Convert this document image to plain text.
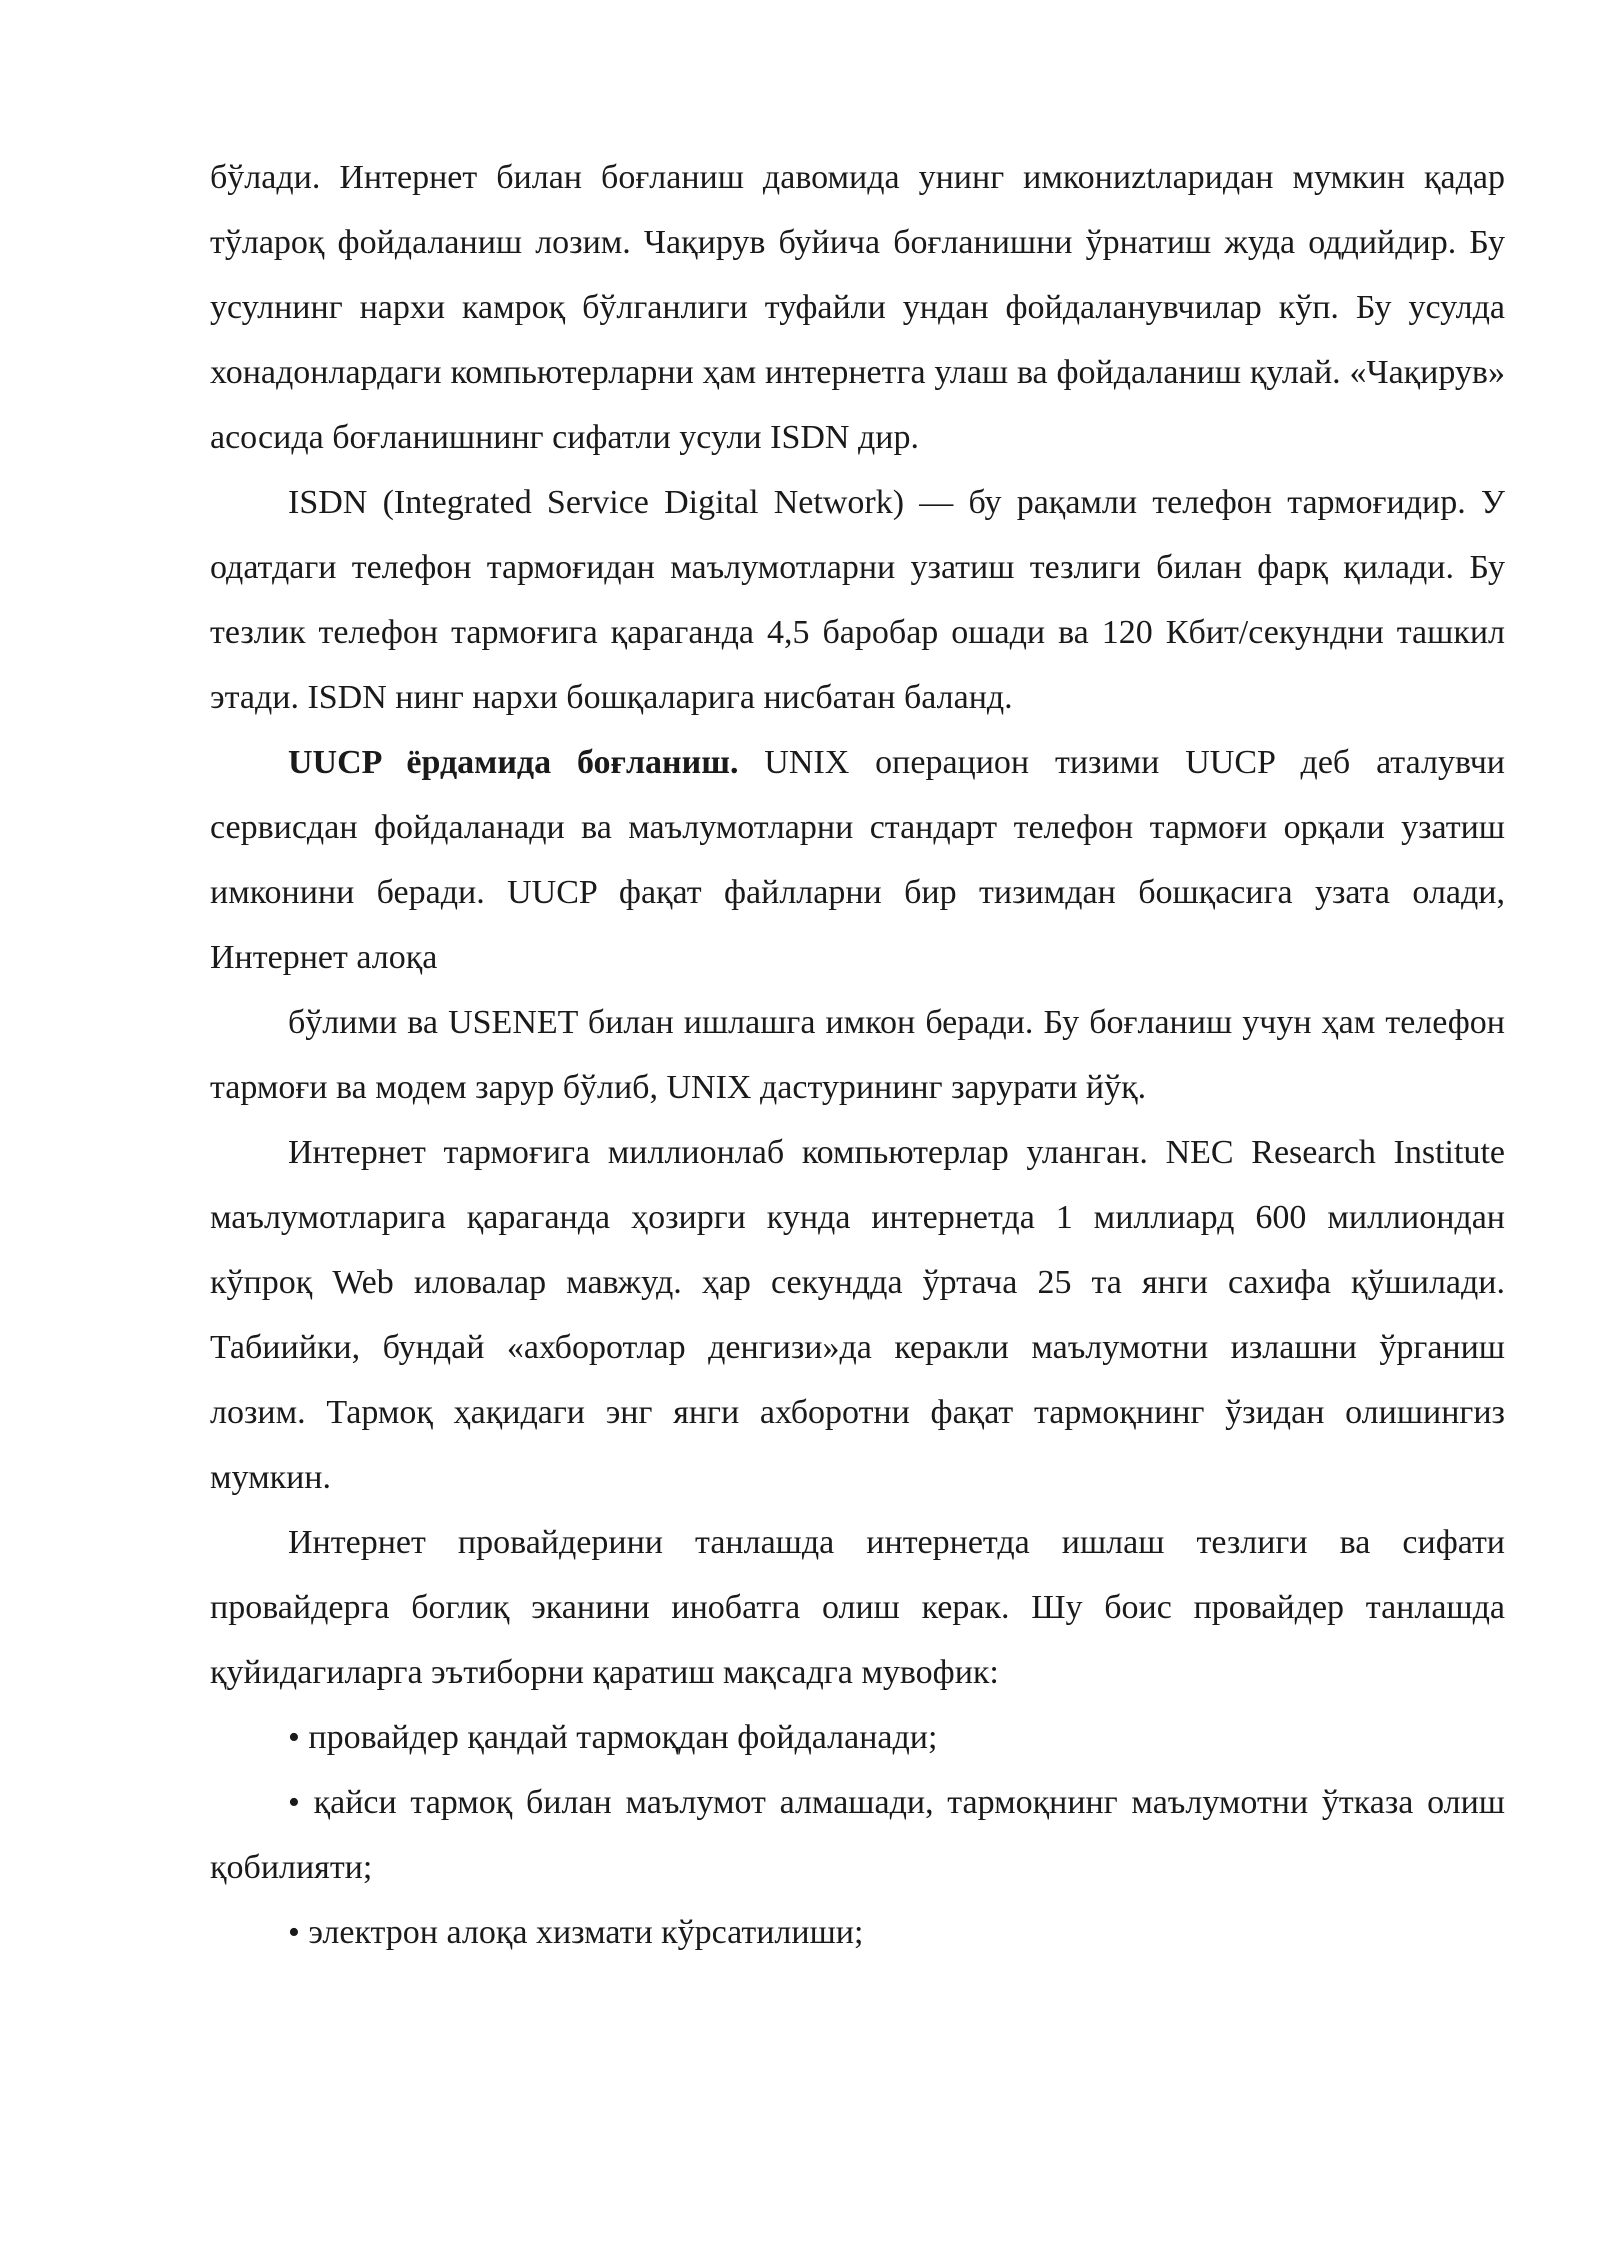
бўлади. Интернет билан боғланиш давомида унинг имкониztларидан мумкин қадар тўлароқ фойдаланиш лозим. Чақирув буйича боғланишни ўрнатиш жуда оддийдир. Бу усулнинг нархи камроқ бўлганлиги туфайли ундан фойдаланувчилар кўп. Бу усулда хонадонлардаги компьютерларни ҳам интернетга улаш ва фойдаланиш қулай. «Чақирув» асосида боғланишнинг сифатли усули ISDN дир.

ISDN (Integrated Service Digital Network) — бу рақамли телефон тармоғидир. У одатдаги телефон тармоғидан маълумотларни узатиш тезлиги билан фарқ қилади. Бу тезлик телефон тармоғига қараганда 4,5 баробар ошади ва 120 Кбит/секундни ташкил этади. ISDN нинг нархи бошқаларига нисбатан баланд.

UUCP ёрдамида боғланиш. UNIX операцион тизими UUCP деб аталувчи сервисдан фойдаланади ва маълумотларни стандарт телефон тармоғи орқали узатиш имконини беради. UUCP фақат файлларни бир тизимдан бошқасига узата олади, Интернет алоқа

бўлими ва USENET билан ишлашга имкон беради. Бу боғланиш учун ҳам телефон тармоғи ва модем зарур бўлиб, UNIX дастурининг зарурати йўқ.

Интернет тармоғига миллионлаб компьютерлар уланган. NEC Research Institute маълумотларига қараганда ҳозирги кунда интернетда 1 миллиард 600 миллиондан кўпроқ Web иловалар мавжуд. ҳар секундда ўртача 25 та янги сахифа қўшилади. Табиийки, бундай «ахборотлар денгизи»да керакли маълумотни излашни ўрганиш лозим. Тармоқ ҳақидаги энг янги ахборотни фақат тармоқнинг ўзидан олишингиз мумкин.

Интернет провайдерини танлашда интернетда ишлаш тезлиги ва сифати провайдерга боглиқ эканини инобатга олиш керак. Шу боис провайдер танлашда қуйидагиларга эътиборни қаратиш мақсадга мувофик:

• провайдер қандай тармоқдан фойдаланади;

• қайси тармоқ билан маълумот алмашади, тармоқнинг маълумотни ўтказа олиш қобилияти;

• электрон алоқа хизмати кўрсатилиши;
